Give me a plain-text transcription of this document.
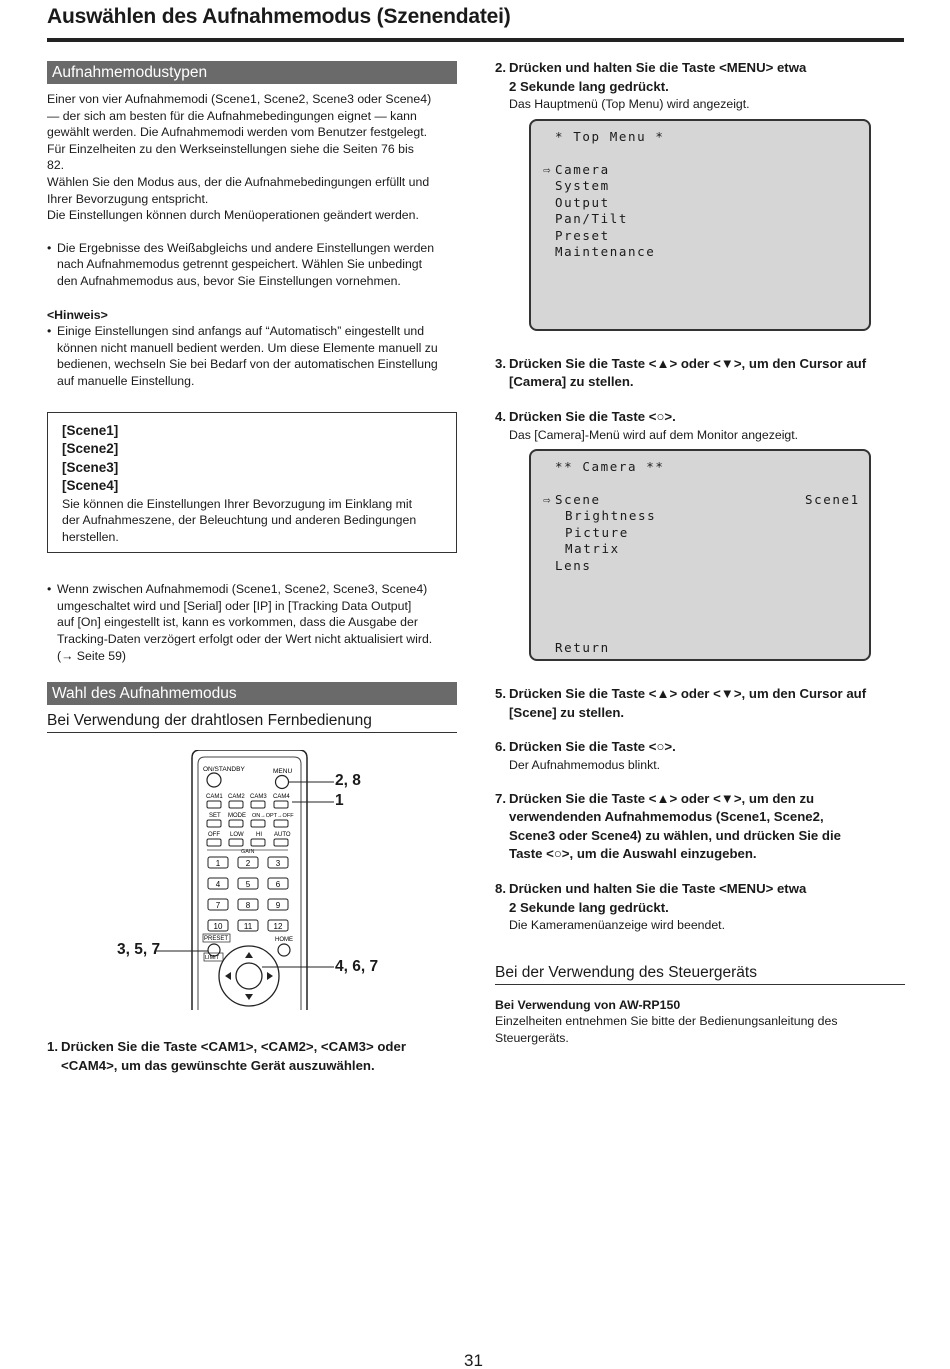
Auswählen des Aufnahmemodus (Szenendatei)
Aufnahmemodustypen
Einer von vier Aufnahmemodi (Scene1, Scene2, Scene3 oder Scene4)
— der sich am besten für die Aufnahmebedingungen eignet — kann
gewählt werden. Die Aufnahmemodi werden vom Benutzer festgelegt.
Für Einzelheiten zu den Werkseinstellungen siehe die Seiten 76 bis
82.
Wählen Sie den Modus aus, der die Aufnahmebedingungen erfüllt und
Ihrer Bevorzugung entspricht.
Die Einstellungen können durch Menüoperationen geändert werden.
• Die Ergebnisse des Weißabgleichs und andere Einstellungen werden
nach Aufnahmemodus getrennt gespeichert. Wählen Sie unbedingt
den Aufnahmemodus aus, bevor Sie Einstellungen vornehmen.
<Hinweis>
• Einige Einstellungen sind anfangs auf “Automatisch” eingestellt und
können nicht manuell bedient werden. Um diese Elemente manuell zu
bedienen, wechseln Sie bei Bedarf von der automatischen Einstellung
auf manuelle Einstellung.
[Scene1]
[Scene2]
[Scene3]
[Scene4]
Sie können die Einstellungen Ihrer Bevorzugung im Einklang mit
der Aufnahmeszene, der Beleuchtung und anderen Bedingungen
herstellen.
• Wenn zwischen Aufnahmemodi (Scene1, Scene2, Scene3, Scene4)
umgeschaltet wird und [Serial] oder [IP] in [Tracking Data Output]
auf [On] eingestellt ist, kann es vorkommen, dass die Ausgabe der
Tracking-Daten verzögert erfolgt oder der Wert nicht aktualisiert wird.
(→ Seite 59)
Wahl des Aufnahmemodus
Bei Verwendung der drahtlosen Fernbedienung
ON/STANDBY	MENU
CAM1 CAM2 CAM3 CAM4
SET MODE ON→OPT→OFF
OFF LOW HI AUTO
GAIN
1	2	3
4	5	6
7	8	9
10	11	12
PRESET	HOME
LIMIT
2, 8
1
3, 5, 7
4, 6, 7
1. Drücken Sie die Taste <CAM1>, <CAM2>, <CAM3> oder
<CAM4>, um das gewünschte Gerät auszuwählen.
2. Drücken und halten Sie die Taste <MENU> etwa
2 Sekunde lang gedrückt.
Das Hauptmenü (Top Menu) wird angezeigt.
* Top Menu *
⇨ Camera
System
Output
Pan/Tilt
Preset
Maintenance
3. Drücken Sie die Taste <▲> oder <▼>, um den Cursor auf
[Camera] zu stellen.
4. Drücken Sie die Taste <○>.
Das [Camera]-Menü wird auf dem Monitor angezeigt.
** Camera **
⇨ Scene	Scene1
Brightness
Picture
Matrix
Lens
Return
5. Drücken Sie die Taste <▲> oder <▼>, um den Cursor auf
[Scene] zu stellen.
6. Drücken Sie die Taste <○>.
Der Aufnahmemodus blinkt.
7. Drücken Sie die Taste <▲> oder <▼>, um den zu
verwendenden Aufnahmemodus (Scene1, Scene2,
Scene3 oder Scene4) zu wählen, und drücken Sie die
Taste <○>, um die Auswahl einzugeben.
8. Drücken und halten Sie die Taste <MENU> etwa
2 Sekunde lang gedrückt.
Die Kameramenüanzeige wird beendet.
Bei der Verwendung des Steuergeräts
Bei Verwendung von AW-RP150
Einzelheiten entnehmen Sie bitte der Bedienungsanleitung des
Steuergeräts.
31
